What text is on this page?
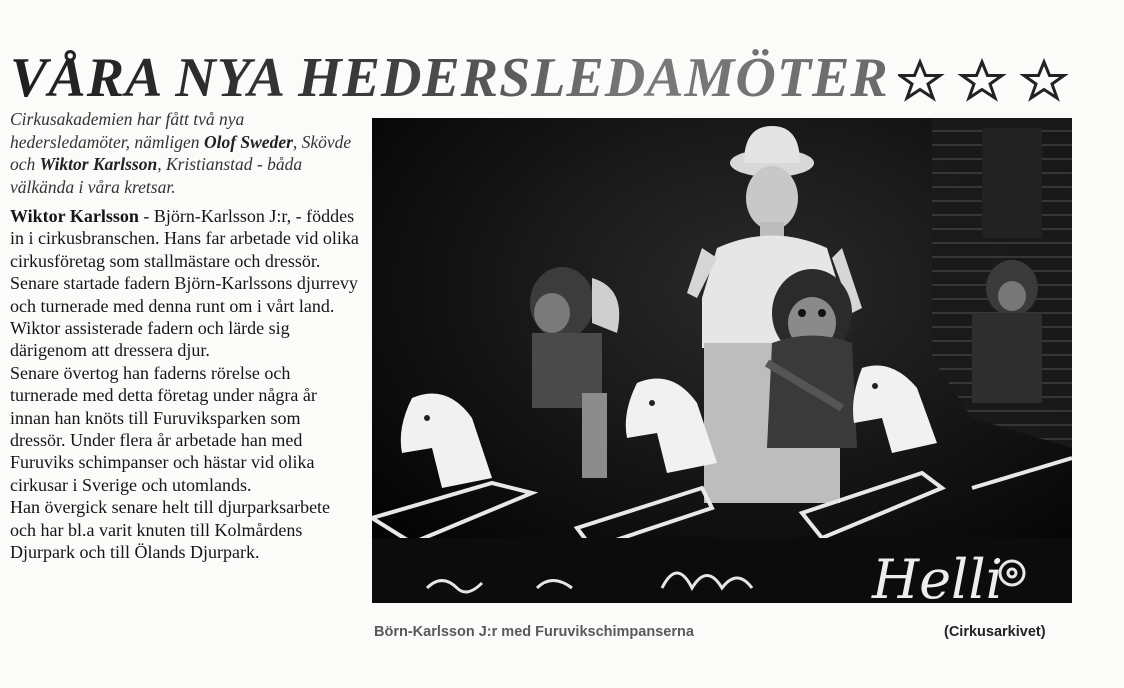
VÅRA NYA HEDERSLEDAMÖTER

Cirkusakademien har fått två nya hedersledamöter, nämligen Olof Sweder, Skövde och Wiktor Karlsson, Kristianstad - båda välkända i våra kretsar.

Wiktor Karlsson - Björn-Karlsson J:r, - föddes in i cirkusbranschen. Hans far arbetade vid olika cirkusföretag som stallmästare och dressör. Senare startade fadern Björn-Karlssons djurrevy och turnerade med denna runt om i vårt land. Wiktor assisterade fadern och lärde sig därigenom att dressera djur.

Senare övertog han faderns rörelse och turnerade med detta företag under några år innan han knöts till Furuviksparken som dressör. Under flera år arbetade han med Furuviks schimpanser och hästar vid olika cirkusar i Sverige och utomlands.

Han övergick senare helt till djurparksarbete och har bl.a varit knuten till Kolmårdens Djurpark och till Ölands Djurpark.	Helli

Börn-Karlsson J:r med Furuvikschimpanserna	(Cirkusarkivet)
